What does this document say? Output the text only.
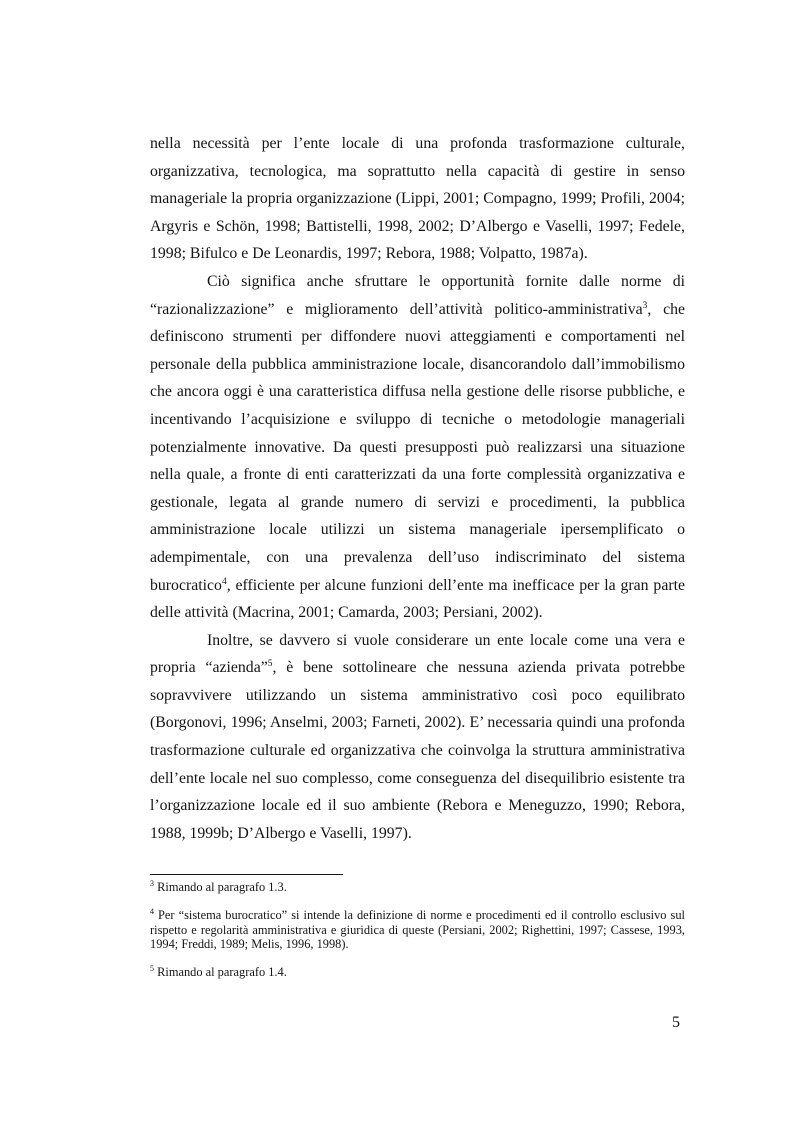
nella necessità per l’ente locale di una profonda trasformazione culturale, organizzativa, tecnologica, ma soprattutto nella capacità di gestire in senso manageriale la propria organizzazione (Lippi, 2001; Compagno, 1999; Profili, 2004; Argyris e Schön, 1998; Battistelli, 1998, 2002; D’Albergo e Vaselli, 1997; Fedele, 1998; Bifulco e De Leonardis, 1997; Rebora, 1988; Volpatto, 1987a).

Ciò significa anche sfruttare le opportunità fornite dalle norme di “razionalizzazione” e miglioramento dell’attività politico-amministrativa$^3$, che definiscono strumenti per diffondere nuovi atteggiamenti e comportamenti nel personale della pubblica amministrazione locale, disancorandolo dall’immobilismo che ancora oggi è una caratteristica diffusa nella gestione delle risorse pubbliche, e incentivando l’acquisizione e sviluppo di tecniche o metodologie manageriali potenzialmente innovative. Da questi presupposti può realizzarsi una situazione nella quale, a fronte di enti caratterizzati da una forte complessità organizzativa e gestionale, legata al grande numero di servizi e procedimenti, la pubblica amministrazione locale utilizzi un sistema manageriale ipersemplificato o adempimentale, con una prevalenza dell’uso indiscriminato del sistema burocratico$^4$, efficiente per alcune funzioni dell’ente ma inefficace per la gran parte delle attività (Macrina, 2001; Camarda, 2003; Persiani, 2002).

Inoltre, se davvero si vuole considerare un ente locale come una vera e propria “azienda”$^5$, è bene sottolineare che nessuna azienda privata potrebbe sopravvivere utilizzando un sistema amministrativo così poco equilibrato (Borgonovi, 1996; Anselmi, 2003; Farneti, 2002). E’ necessaria quindi una profonda trasformazione culturale ed organizzativa che coinvolga la struttura amministrativa dell’ente locale nel suo complesso, come conseguenza del disequilibrio esistente tra l’organizzazione locale ed il suo ambiente (Rebora e Meneguzzo, 1990; Rebora, 1988, 1999b; D’Albergo e Vaselli, 1997).

$^3$ Rimando al paragrafo 1.3.

$^4$ Per “sistema burocratico” si intende la definizione di norme e procedimenti ed il controllo esclusivo sul rispetto e regolarità amministrativa e giuridica di queste (Persiani, 2002; Righettini, 1997; Cassese, 1993, 1994; Freddi, 1989; Melis, 1996, 1998).

$^5$ Rimando al paragrafo 1.4.

5
